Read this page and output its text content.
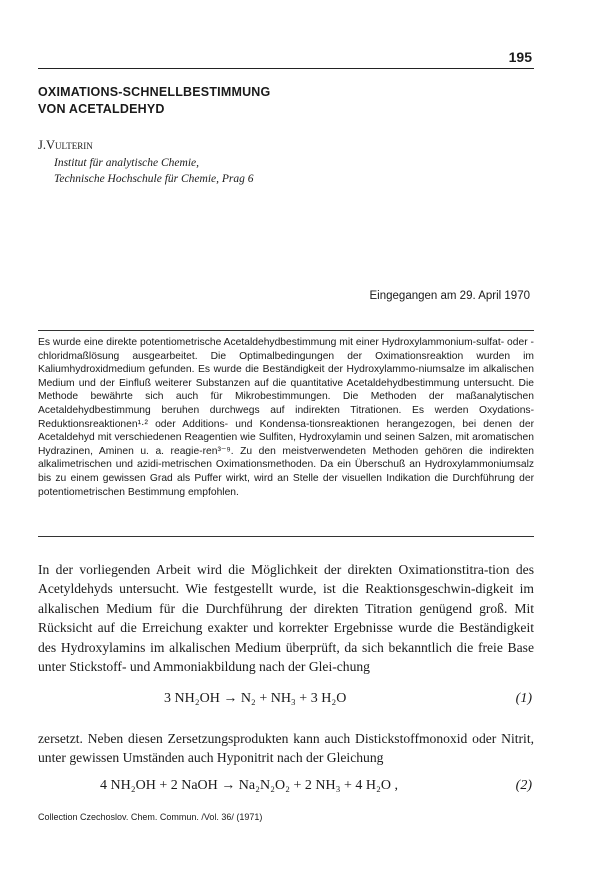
195
OXIMATIONS-SCHNELLBESTIMMUNG
VON ACETALDEHYD
J.Vulterin
Institut für analytische Chemie,
Technische Hochschule für Chemie, Prag 6
Eingegangen am 29. April 1970
Es wurde eine direkte potentiometrische Acetaldehydbestimmung mit einer Hydroxylammonium-sulfat- oder -chloridmaßlösung ausgearbeitet. Die Optimalbedingungen der Oximationsreaktion wurden im Kaliumhydroxidmedium gefunden. Es wurde die Beständigkeit der Hydroxylammo-niumsalze im alkalischen Medium und der Einfluß weiterer Substanzen auf die quantitative Acetaldehydbestimmung untersucht. Die Methode bewährte sich auch für Mikrobestimmungen. Die Methoden der maßanalytischen Acetaldehydbestimmung beruhen durchwegs auf indirekten Titrationen. Es werden Oxydations-Reduktionsreaktionen¹·² oder Additions- und Kondensa-tionsreaktionen herangezogen, bei denen der Acetaldehyd mit verschiedenen Reagentien wie Sulfiten, Hydroxylamin und seinen Salzen, mit aromatischen Hydrazinen, Aminen u. a. reagie-ren³⁻⁹. Zu den meistverwendeten Methoden gehören die indirekten alkalimetrischen und azidi-metrischen Oximationsmethoden. Da ein Überschuß an Hydroxylammoniumsalz bis zu einem gewissen Grad als Puffer wirkt, wird an Stelle der visuellen Indikation die Durchführung der potentiometrischen Bestimmung empfohlen.
In der vorliegenden Arbeit wird die Möglichkeit der direkten Oximationstitra-tion des Acetyldehyds untersucht. Wie festgestellt wurde, ist die Reaktionsgeschwin-digkeit im alkalischen Medium für die Durchführung der direkten Titration genügend groß. Mit Rücksicht auf die Erreichung exakter und korrekter Ergebnisse wurde die Beständigkeit des Hydroxylamins im alkalischen Medium überprüft, da sich bekanntlich die freie Base unter Stickstoff- und Ammoniakbildung nach der Glei-chung
3 NH₂OH → N₂ + NH₃ + 3 H₂O	(1)
zersetzt. Neben diesen Zersetzungsprodukten kann auch Distickstoffmonoxid oder Nitrit, unter gewissen Umständen auch Hyponitrit nach der Gleichung
4 NH₂OH + 2 NaOH → Na₂N₂O₂ + 2 NH₃ + 4 H₂O ,	(2)
Collection Czechoslov. Chem. Commun. /Vol. 36/ (1971)
